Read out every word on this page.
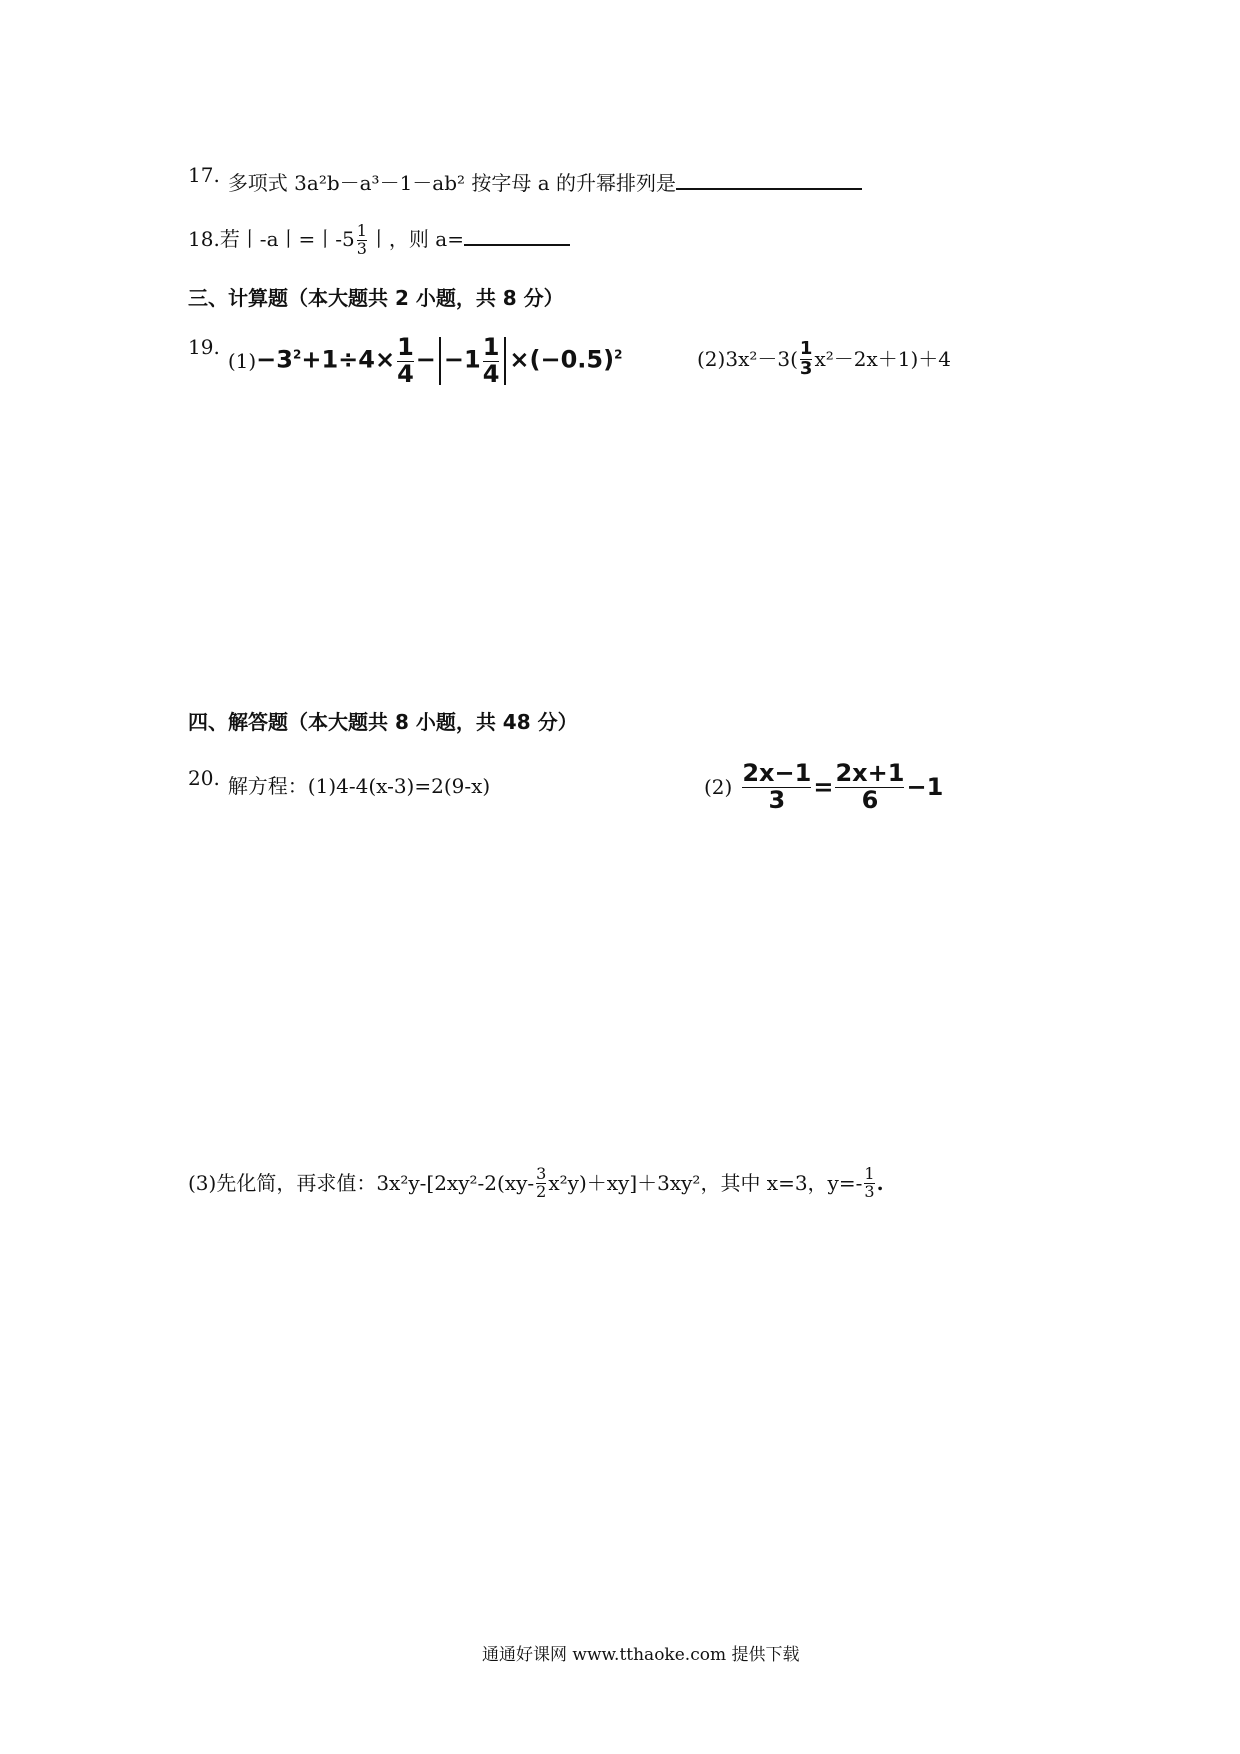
17. 多项式 3a²b－a³－1－ab² 按字母 a 的升幂排列是
18.若丨-a丨=丨$-5 \frac{1}{3}$ 丨，则 a=
三、计算题（本大题共 2 小题，共 8 分）
19.
$(1) -3^2+1\div 4\times \frac{1}{4} - -1 \frac{1}{4} \times(-0.5)^2$	(2) $3x^2-3( \frac{1}{3} x^2-2x+1)+4$
四、解答题（本大题共 8 小题，共 48 分）
20. 解方程：(1)4-4(x-3)=2(9-x)	$(2) \frac{2x-1}{3} = \frac{2x+1}{6} -1$
(3)先化简，再求值：$3x^2y-[2xy^2-2(xy- \frac{3}{2} x^2y)+xy]+3xy^2$，其中 x=3，$y=- \frac{1}{3}$ .
通通好课网 www.tthaoke.com 提供下载
